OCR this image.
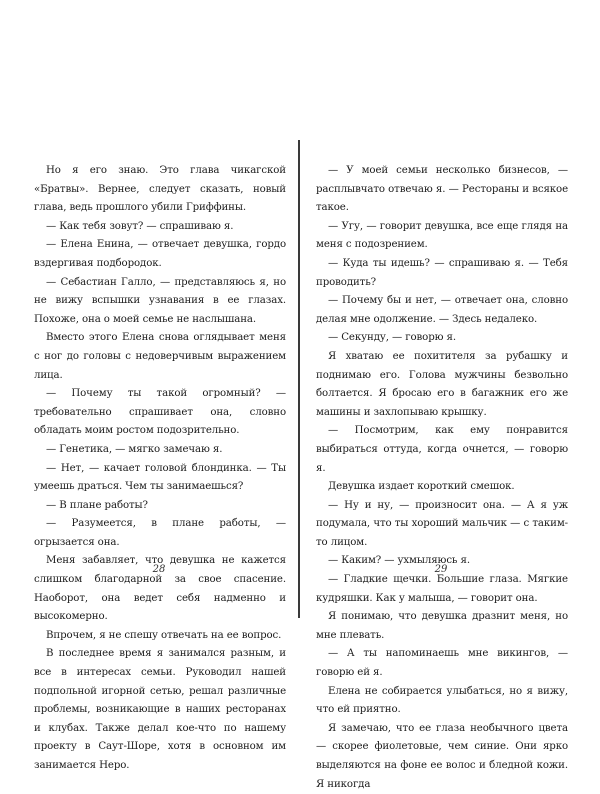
Но я его знаю. Это глава чикагской «Братвы». Вернее, следует сказать, новый глава, ведь прошлого убили Гриффины.

— Как тебя зовут? — спрашиваю я.

— Елена Енина, — отвечает девушка, гордо вздергивая подбородок.

— Себастиан Галло, — представляюсь я, но не вижу вспышки узнавания в ее глазах. Похоже, она о моей семье не наслышана.

Вместо этого Елена снова оглядывает меня с ног до головы с недоверчивым выражением лица.

— Почему ты такой огромный? — требовательно спрашивает она, словно обладать моим ростом подозрительно.

— Генетика, — мягко замечаю я.

— Нет, — качает головой блондинка. — Ты умеешь драться. Чем ты занимаешься?

— В плане работы?

— Разумеется, в плане работы, — огрызается она.

Меня забавляет, что девушка не кажется слишком благодарной за свое спасение. Наоборот, она ведет себя надменно и высокомерно.

Впрочем, я не спешу отвечать на ее вопрос.

В последнее время я занимался разным, и все в интересах семьи. Руководил нашей подпольной игорной сетью, решал различные проблемы, возникающие в наших ресторанах и клубах. Также делал кое-что по нашему проекту в Саут-Шоре, хотя в основном им занимается Неро.

— У моей семьи несколько бизнесов, — расплывчато отвечаю я. — Рестораны и всякое такое.

— Угу, — говорит девушка, все еще глядя на меня с подозрением.

— Куда ты идешь? — спрашиваю я. — Тебя проводить?

— Почему бы и нет, — отвечает она, словно делая мне одолжение. — Здесь недалеко.

— Секунду, — говорю я.

Я хватаю ее похитителя за рубашку и поднимаю его. Голова мужчины безвольно болтается. Я бросаю его в багажник его же машины и захлопываю крышку.

— Посмотрим, как ему понравится выбираться оттуда, когда очнется, — говорю я.

Девушка издает короткий смешок.

— Ну и ну, — произносит она. — А я уж подумала, что ты хороший мальчик — с таким-то лицом.

— Каким? — ухмыляюсь я.

— Гладкие щечки. Большие глаза. Мягкие кудряшки. Как у малыша, — говорит она.

Я понимаю, что девушка дразнит меня, но мне плевать.

— А ты напоминаешь мне викингов, — говорю ей я.

Елена не собирается улыбаться, но я вижу, что ей приятно.

Я замечаю, что ее глаза необычного цвета — скорее фиолетовые, чем синие. Они ярко выделяются на фоне ее волос и бледной кожи. Я никогда

28	29
